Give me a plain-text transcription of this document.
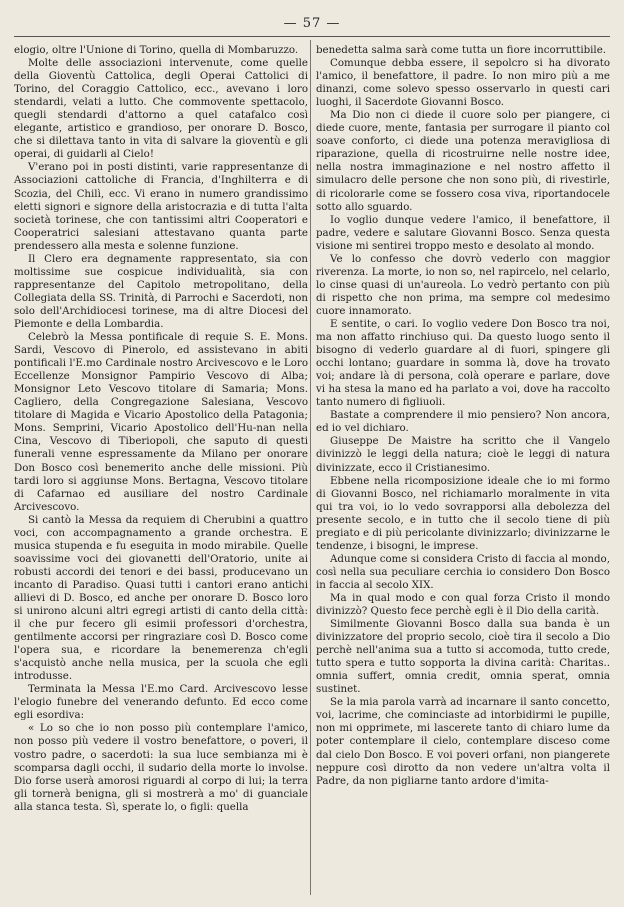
— 57 —

elogio, oltre l'Unione di Torino, quella di Mombaruzzo.

Molte delle associazioni intervenute, come quelle della Gioventù Cattolica, degli Operai Cattolici di Torino, del Coraggio Cattolico, ecc., avevano i loro stendardi, velati a lutto. Che commovente spettacolo, quegli stendardi d'attorno a quel catafalco così elegante, artistico e grandioso, per onorare D. Bosco, che si dilettava tanto in vita di salvare la gioventù e gli operai, di guidarli al Cielo!

V'erano poi in posti distinti, varie rappresentanze di Associazioni cattoliche di Francia, d'Inghilterra e di Scozia, del Chilì, ecc. Vi erano in numero grandissimo eletti signori e signore della aristocrazia e di tutta l'alta società torinese, che con tantissimi altri Cooperatori e Cooperatrici salesiani attestavano quanta parte prendessero alla mesta e solenne funzione.

Il Clero era degnamente rappresentato, sia con moltissime sue cospicue individualità, sia con rappresentanze del Capitolo metropolitano, della Collegiata della SS. Trinità, di Parrochi e Sacerdoti, non solo dell'Archidiocesi torinese, ma di altre Diocesi del Piemonte e della Lombardia.

Celebrò la Messa pontificale di requie S. E. Mons. Sardi, Vescovo di Pinerolo, ed assistevano in abiti pontificali l'E.mo Cardinale nostro Arcivescovo e le Loro Eccellenze Monsignor Pampirio Vescovo di Alba; Monsignor Leto Vescovo titolare di Samaria; Mons. Cagliero, della Congregazione Salesiana, Vescovo titolare di Magida e Vicario Apostolico della Patagonia; Mons. Semprini, Vicario Apostolico dell'Hu-nan nella Cina, Vescovo di Tiberiopoli, che saputo di questi funerali venne espressamente da Milano per onorare Don Bosco così benemerito anche delle missioni. Più tardi loro si aggiunse Mons. Bertagna, Vescovo titolare di Cafarnao ed ausiliare del nostro Cardinale Arcivescovo.

Si cantò la Messa da requiem di Cherubini a quattro voci, con accompagnamento a grande orchestra. E musica stupenda e fu eseguita in modo mirabile. Quelle soavissime voci dei giovanetti dell'Oratorio, unite ai robusti accordi dei tenori e dei bassi, producevano un incanto di Paradiso. Quasi tutti i cantori erano antichi allievi di D. Bosco, ed anche per onorare D. Bosco loro si unirono alcuni altri egregi artisti di canto della città: il che pur fecero gli esimii professori d'orchestra, gentilmente accorsi per ringraziare così D. Bosco come l'opera sua, e ricordare la benemerenza ch'egli s'acquistò anche nella musica, per la scuola che egli introdusse.

Terminata la Messa l'E.mo Card. Arcivescovo lesse l'elogio funebre del venerando defunto. Ed ecco come egli esordiva:

« Lo so che io non posso più contemplare l'amico, non posso più vedere il vostro benefattore, o poveri, il vostro padre, o sacerdoti: la sua luce sembianza mi è scomparsa dagli occhi, il sudario della morte lo involse. Dio forse userà amorosi riguardi al corpo di lui; la terra gli tornerà benigna, gli si mostrerà a mo' di guanciale alla stanca testa. Sì, sperate lo, o figli: quella

benedetta salma sarà come tutta un fiore incorruttibile.

Comunque debba essere, il sepolcro si ha divorato l'amico, il benefattore, il padre. Io non miro più a me dinanzi, come solevo spesso osservarlo in questi cari luoghi, il Sacerdote Giovanni Bosco.

Ma Dio non ci diede il cuore solo per piangere, ci diede cuore, mente, fantasia per surrogare il pianto col soave conforto, ci diede una potenza meravigliosa di riparazione, quella di ricostruirne nelle nostre idee, nella nostra immaginazione e nel nostro affetto il simulacro delle persone che non sono più, di rivestirle, di ricolorarle come se fossero cosa viva, riportandocele sotto allo sguardo.

Io voglio dunque vedere l'amico, il benefattore, il padre, vedere e salutare Giovanni Bosco. Senza questa visione mi sentirei troppo mesto e desolato al mondo.

Ve lo confesso che dovrò vederlo con maggior riverenza. La morte, io non so, nel rapircelo, nel celarlo, lo cinse quasi di un'aureola. Lo vedrò pertanto con più di rispetto che non prima, ma sempre col medesimo cuore innamorato.

E sentite, o cari. Io voglio vedere Don Bosco tra noi, ma non affatto rinchiuso qui. Da questo luogo sento il bisogno di vederlo guardare al di fuori, spingere gli occhi lontano; guardare in somma là, dove ha trovato voi; andare là di persona, colà operare e parlare, dove vi ha stesa la mano ed ha parlato a voi, dove ha raccolto tanto numero di figliuoli.

Bastate a comprendere il mio pensiero? Non ancora, ed io vel dichiaro.

Giuseppe De Maistre ha scritto che il Vangelo divinizzò le leggi della natura; cioè le leggi di natura divinizzate, ecco il Cristianesimo.

Ebbene nella ricomposizione ideale che io mi formo di Giovanni Bosco, nel richiamarlo moralmente in vita qui tra voi, io lo vedo sovrapporsi alla debolezza del presente secolo, e in tutto che il secolo tiene di più pregiato e di più pericolante divinizzarlo; divinizzarne le tendenze, i bisogni, le imprese.

Adunque come si considera Cristo di faccia al mondo, così nella sua peculiare cerchia io considero Don Bosco in faccia al secolo XIX.

Ma in qual modo e con qual forza Cristo il mondo divinizzò? Questo fece perchè egli è il Dio della carità.

Similmente Giovanni Bosco dalla sua banda è un divinizzatore del proprio secolo, cioè tira il secolo a Dio perchè nell'anima sua a tutto si accomoda, tutto crede, tutto spera e tutto sopporta la divina carità: Charitas.. omnia suffert, omnia credit, omnia sperat, omnia sustinet.

Se la mia parola varrà ad incarnare il santo concetto, voi, lacrime, che cominciaste ad intorbidirmi le pupille, non mi opprimete, mi lascerete tanto di chiaro lume da poter contemplare il cielo, contemplare disceso come dal cielo Don Bosco. E voi poveri orfani, non piangerete neppure così dirotto da non vedere un'altra volta il Padre, da non pigliarne tanto ardore d'imita-
